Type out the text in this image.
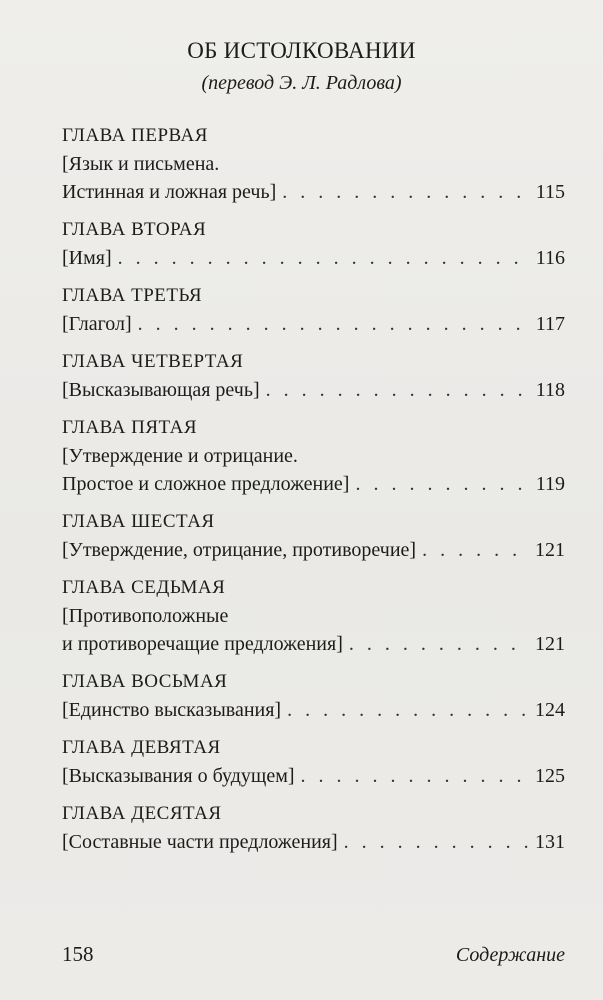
ОБ ИСТОЛКОВАНИИ
(перевод Э. Л. Радлова)
ГЛАВА ПЕРВАЯ
[Язык и письмена.
Истинная и ложная речь] . . .	115
ГЛАВА ВТОРАЯ
[Имя] . . .	116
ГЛАВА ТРЕТЬЯ
[Глагол] . . .	117
ГЛАВА ЧЕТВЕРТАЯ
[Высказывающая речь] . . .	118
ГЛАВА ПЯТАЯ
[Утверждение и отрицание.
Простое и сложное предложение] . . .	119
ГЛАВА ШЕСТАЯ
[Утверждение, отрицание, противоречие] . . .	121
ГЛАВА СЕДЬМАЯ
[Противоположные
и противоречащие предложения] . . .	121
ГЛАВА ВОСЬМАЯ
[Единство высказывания] . . .	124
ГЛАВА ДЕВЯТАЯ
[Высказывания о будущем] . . .	125
ГЛАВА ДЕСЯТАЯ
[Составные части предложения] . . .	131
158	Содержание
